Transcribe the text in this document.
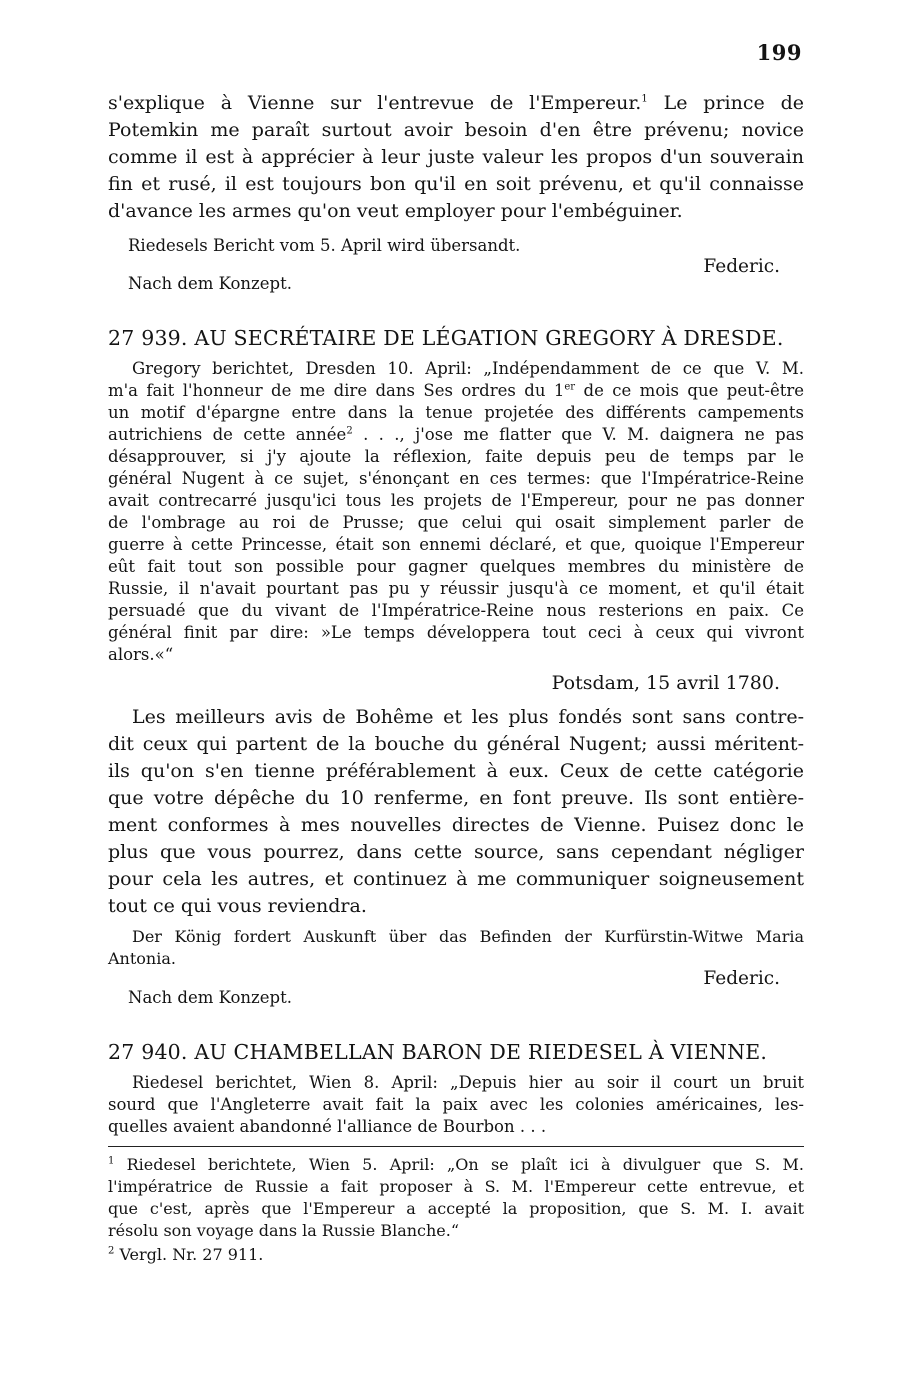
199
s'explique à Vienne sur l'entrevue de l'Empereur.$^1$ Le prince de
Potemkin me paraît surtout avoir besoin d'en être prévenu; novice
comme il est à apprécier à leur juste valeur les propos d'un souverain
fin et rusé, il est toujours bon qu'il en soit prévenu, et qu'il connaisse
d'avance les armes qu'on veut employer pour l'embéguiner.
Riedesels Bericht vom 5. April wird übersandt.
Federic.
Nach dem Konzept.
27 939. AU SECRÉTAIRE DE LÉGATION GREGORY À DRESDE.
Gregory berichtet, Dresden 10. April: „Indépendamment de ce que V. M.
m'a fait l'honneur de me dire dans Ses ordres du 1er de ce mois que peut-être
un motif d'épargne entre dans la tenue projetée des différents campements
autrichiens de cette année$^2$ . . ., j'ose me flatter que V. M. daignera ne pas
désapprouver, si j'y ajoute la réflexion, faite depuis peu de temps par le
général Nugent à ce sujet, s'énonçant en ces termes: que l'Impératrice-Reine
avait contrecarré jusqu'ici tous les projets de l'Empereur, pour ne pas donner
de l'ombrage au roi de Prusse; que celui qui osait simplement parler de
guerre à cette Princesse, était son ennemi déclaré, et que, quoique l'Empereur
eût fait tout son possible pour gagner quelques membres du ministère de
Russie, il n'avait pourtant pas pu y réussir jusqu'à ce moment, et qu'il était
persuadé que du vivant de l'Impératrice-Reine nous resterions en paix. Ce
général finit par dire: »Le temps développera tout ceci à ceux qui vivront
alors.«“
Potsdam, 15 avril 1780.
Les meilleurs avis de Bohême et les plus fondés sont sans contre-
dit ceux qui partent de la bouche du général Nugent; aussi méritent-
ils qu'on s'en tienne préférablement à eux. Ceux de cette catégorie
que votre dépêche du 10 renferme, en font preuve. Ils sont entière-
ment conformes à mes nouvelles directes de Vienne. Puisez donc le
plus que vous pourrez, dans cette source, sans cependant négliger
pour cela les autres, et continuez à me communiquer soigneusement
tout ce qui vous reviendra.
Der König fordert Auskunft über das Befinden der Kurfürstin-Witwe Maria
Antonia.
Federic.
Nach dem Konzept.
27 940. AU CHAMBELLAN BARON DE RIEDESEL À VIENNE.
Riedesel berichtet, Wien 8. April: „Depuis hier au soir il court un bruit
sourd que l'Angleterre avait fait la paix avec les colonies américaines, les-
quelles avaient abandonné l'alliance de Bourbon . . .
$^1$ Riedesel berichtete, Wien 5. April: „On se plaît ici à divulguer que S. M.
l'impératrice de Russie a fait proposer à S. M. l'Empereur cette entrevue, et
que c'est, après que l'Empereur a accepté la proposition, que S. M. I. avait
résolu son voyage dans la Russie Blanche.“
$^2$ Vergl. Nr. 27 911.
